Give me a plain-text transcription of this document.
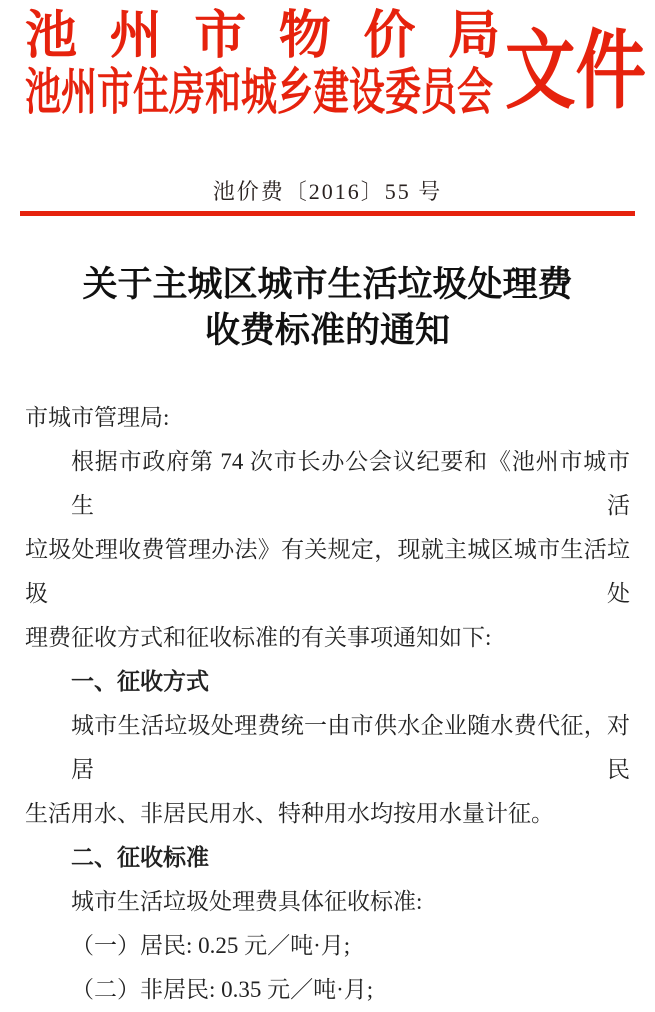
池 州 市 物 价 局
池州市住房和城乡建设委员会 文件
池价费〔2016〕55 号
关于主城区城市生活垃圾处理费
收费标准的通知
市城市管理局:
根据市政府第 74 次市长办公会议纪要和《池州市城市生活
垃圾处理收费管理办法》有关规定，现就主城区城市生活垃圾处
理费征收方式和征收标准的有关事项通知如下:
一、征收方式
城市生活垃圾处理费统一由市供水企业随水费代征，对居民
生活用水、非居民用水、特种用水均按用水量计征。
二、征收标准
城市生活垃圾处理费具体征收标准:
（一）居民: 0.25 元／吨·月;
（二）非居民: 0.35 元／吨·月;
